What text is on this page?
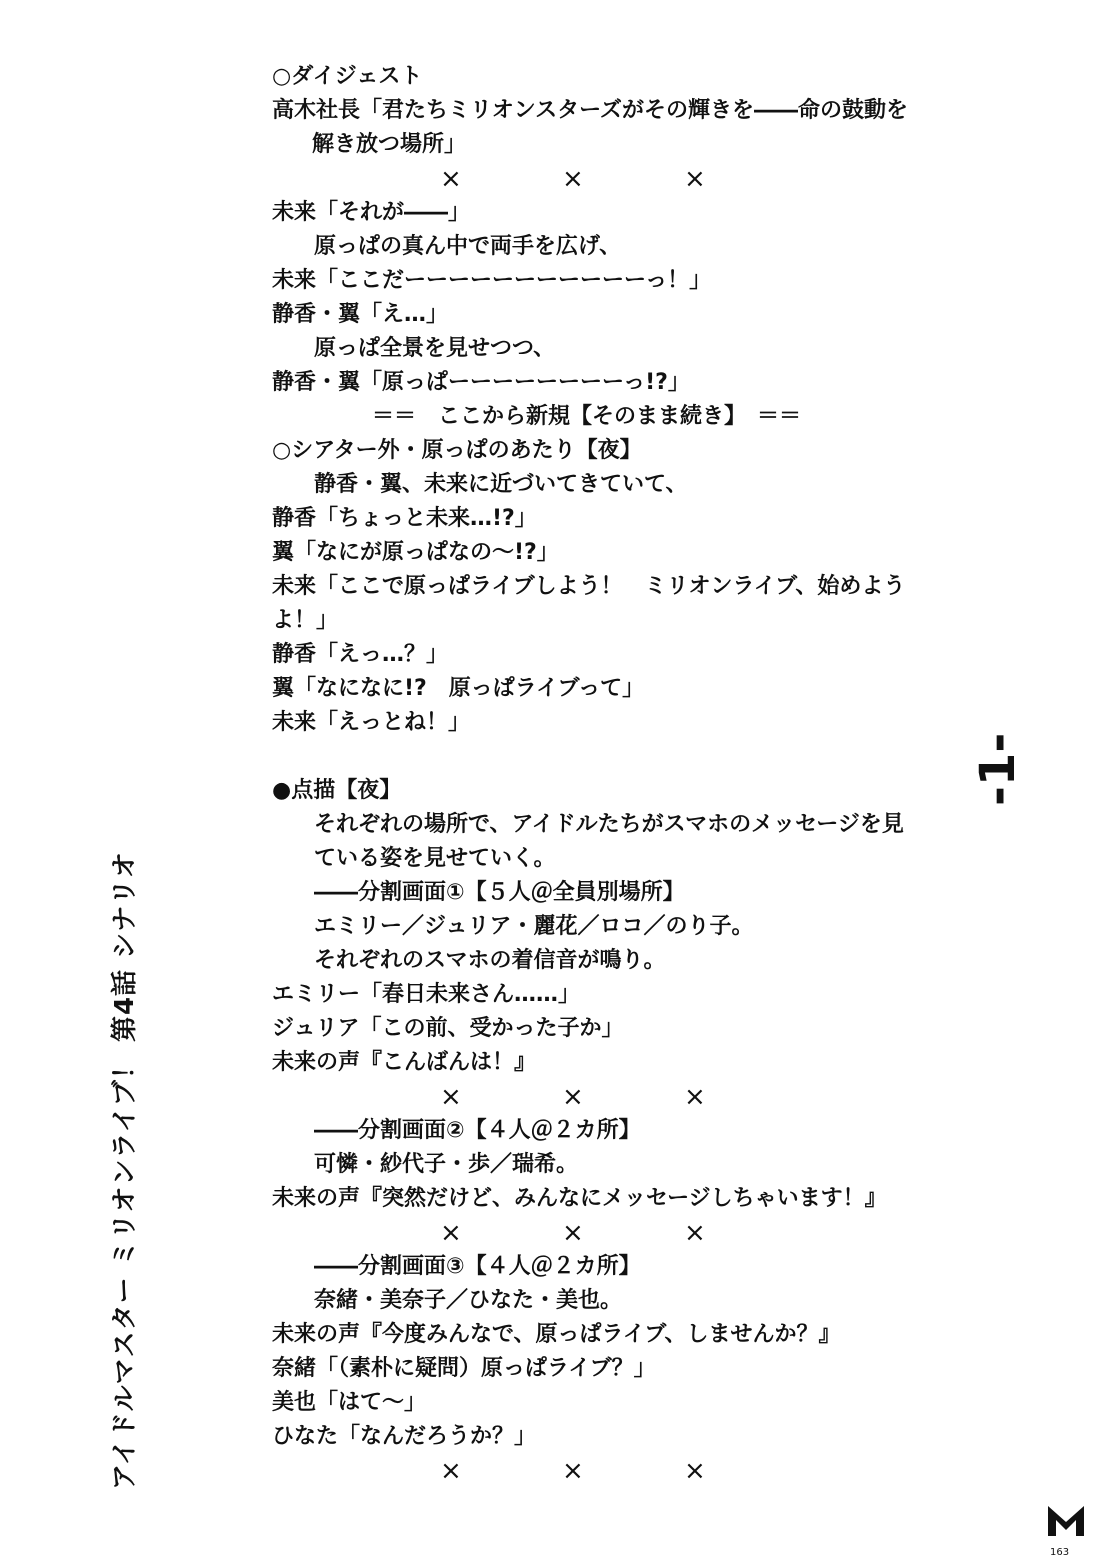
アイドルマスター ミリオンライブ！ 第4話 シナリオ
-1-
○ダイジェスト
高木社長「君たちミリオンスターズがその輝きを――命の鼓動を
　解き放つ場所」
×	×	×
未来「それが――」
原っぱの真ん中で両手を広げ、
未来「ここだーーーーーーーーーーーっ！」
静香・翼「え…」
原っぱ全景を見せつつ、
静香・翼「原っぱーーーーーーーーっ!?」
＝＝　ここから新規【そのまま続き】　＝＝
○シアター外・原っぱのあたり【夜】
静香・翼、未来に近づいてきていて、
静香「ちょっと未来…!?」
翼「なにが原っぱなの～!?」
未来「ここで原っぱライブしよう！　ミリオンライブ、始めよう
よ！」
静香「えっ…？」
翼「なになに!?　原っぱライブって」
未来「えっとね！」
●点描【夜】
それぞれの場所で、アイドルたちがスマホのメッセージを見
ている姿を見せていく。
――分割画面①【５人＠全員別場所】
エミリー／ジュリア・麗花／ロコ／のり子。
それぞれのスマホの着信音が鳴り。
エミリー「春日未来さん……」
ジュリア「この前、受かった子か」
未来の声『こんばんは！』
×	×	×
――分割画面②【４人＠２カ所】
可憐・紗代子・歩／瑞希。
未来の声『突然だけど、みんなにメッセージしちゃいます！』
×	×	×
――分割画面③【４人＠２カ所】
奈緒・美奈子／ひなた・美也。
未来の声『今度みんなで、原っぱライブ、しませんか？』
奈緒「（素朴に疑問）原っぱライブ？」
美也「はて～」
ひなた「なんだろうか？」
×	×	×
163
